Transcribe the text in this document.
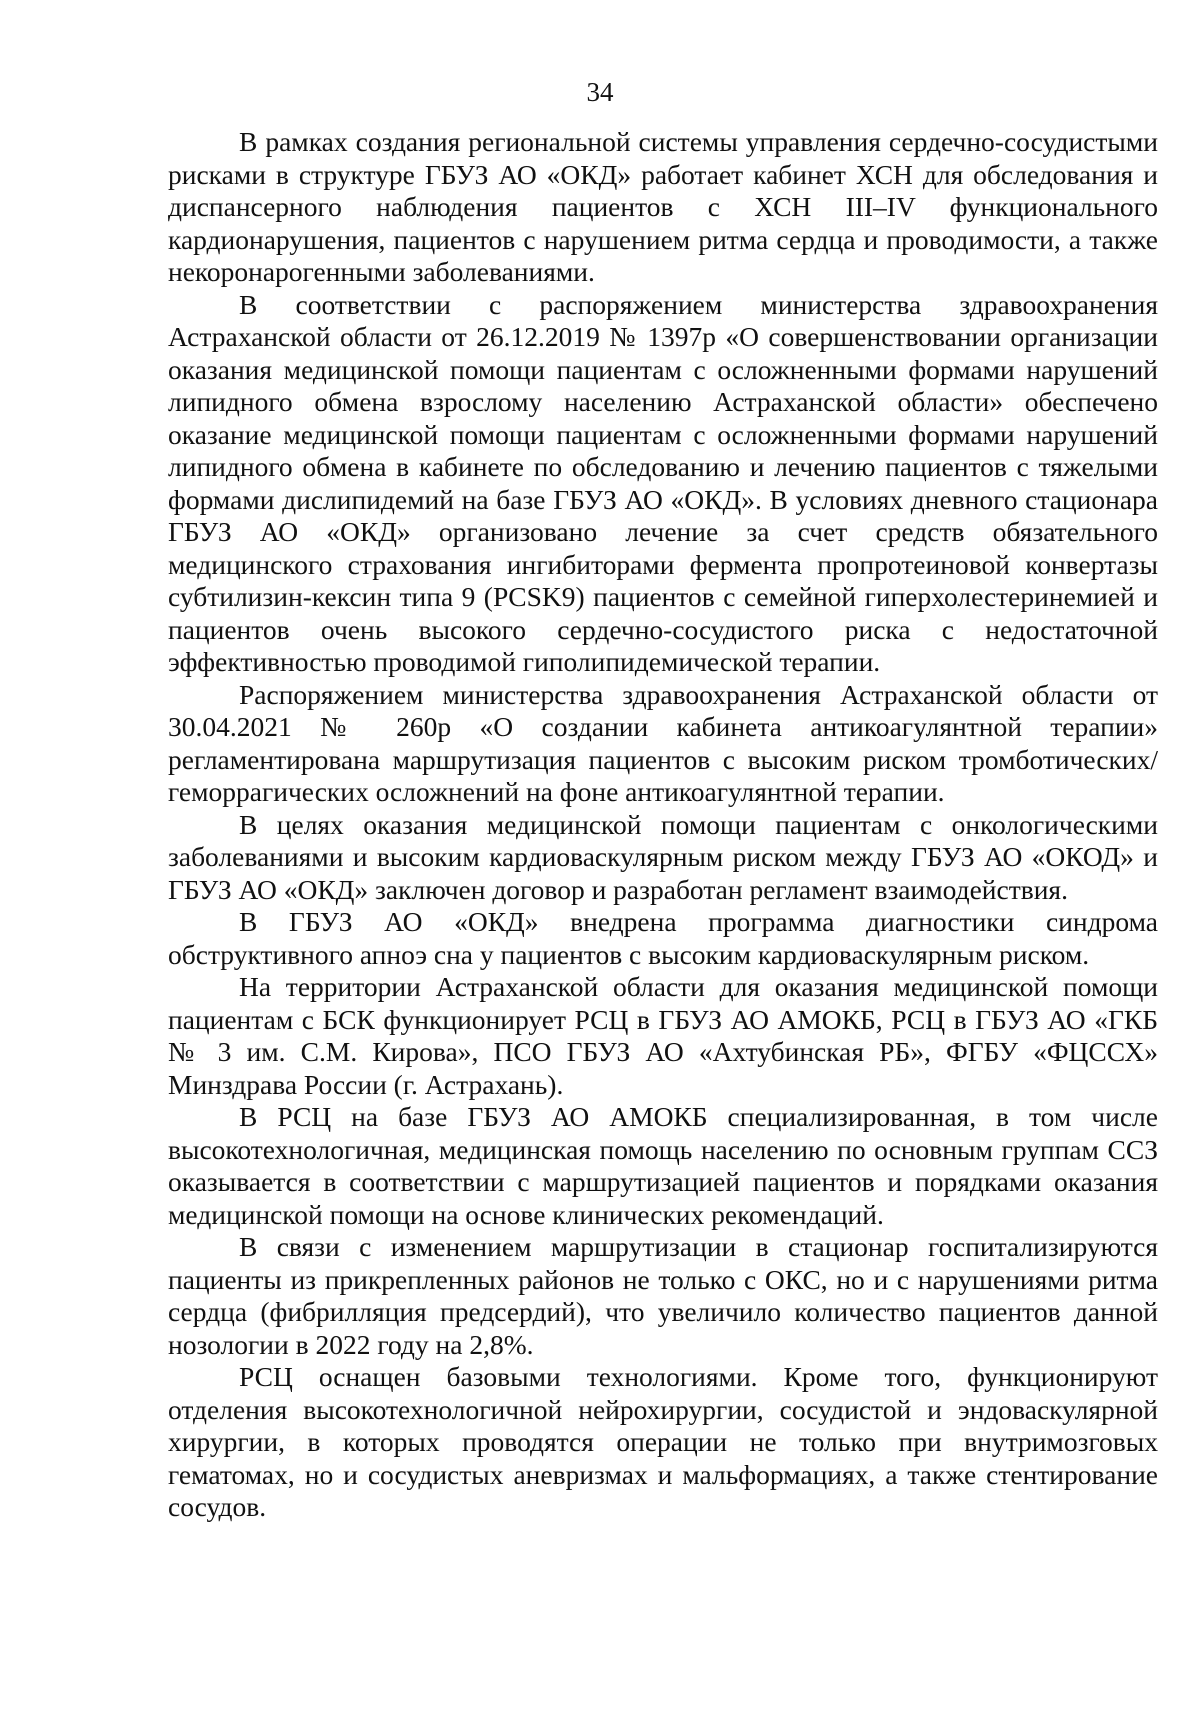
34

В рамках создания региональной системы управления сердечно-сосудистыми рисками в структуре ГБУЗ АО «ОКД» работает кабинет ХСН для обследования и диспансерного наблюдения пациентов с ХСН III–IV функционального кардионарушения, пациентов с нарушением ритма сердца и проводимости, а также некоронарогенными заболеваниями.

В соответствии с распоряжением министерства здравоохранения Астраханской области от 26.12.2019 № 1397р «О совершенствовании организации оказания медицинской помощи пациентам с осложненными формами нарушений липидного обмена взрослому населению Астраханской области» обеспечено оказание медицинской помощи пациентам с осложненными формами нарушений липидного обмена в кабинете по обследованию и лечению пациентов с тяжелыми формами дислипидемий на базе ГБУЗ АО «ОКД». В условиях дневного стационара ГБУЗ АО «ОКД» организовано лечение за счет средств обязательного медицинского страхования ингибиторами фермента пропротеиновой конвертазы субтилизин-кексин типа 9 (PCSK9) пациентов с семейной гиперхолестеринемией и пациентов очень высокого сердечно-сосудистого риска с недостаточной эффективностью проводимой гиполипидемической терапии.

Распоряжением министерства здравоохранения Астраханской области от 30.04.2021 № 260р «О создании кабинета антикоагулянтной терапии» регламентирована маршрутизация пациентов с высоким риском тромботических/геморрагических осложнений на фоне антикоагулянтной терапии.

В целях оказания медицинской помощи пациентам с онкологическими заболеваниями и высоким кардиоваскулярным риском между ГБУЗ АО «ОКОД» и ГБУЗ АО «ОКД» заключен договор и разработан регламент взаимодействия.

В ГБУЗ АО «ОКД» внедрена программа диагностики синдрома обструктивного апноэ сна у пациентов с высоким кардиоваскулярным риском.

На территории Астраханской области для оказания медицинской помощи пациентам с БСК функционирует РСЦ в ГБУЗ АО АМОКБ, РСЦ в ГБУЗ АО «ГКБ № 3 им. С.М. Кирова», ПСО ГБУЗ АО «Ахтубинская РБ», ФГБУ «ФЦССХ» Минздрава России (г. Астрахань).

В РСЦ на базе ГБУЗ АО АМОКБ специализированная, в том числе высокотехнологичная, медицинская помощь населению по основным группам ССЗ оказывается в соответствии с маршрутизацией пациентов и порядками оказания медицинской помощи на основе клинических рекомендаций.

В связи с изменением маршрутизации в стационар госпитализируются пациенты из прикрепленных районов не только с ОКС, но и с нарушениями ритма сердца (фибрилляция предсердий), что увеличило количество пациентов данной нозологии в 2022 году на 2,8%.

РСЦ оснащен базовыми технологиями. Кроме того, функционируют отделения высокотехнологичной нейрохирургии, сосудистой и эндоваскулярной хирургии, в которых проводятся операции не только при внутримозговых гематомах, но и сосудистых аневризмах и мальформациях, а также стентирование сосудов.
